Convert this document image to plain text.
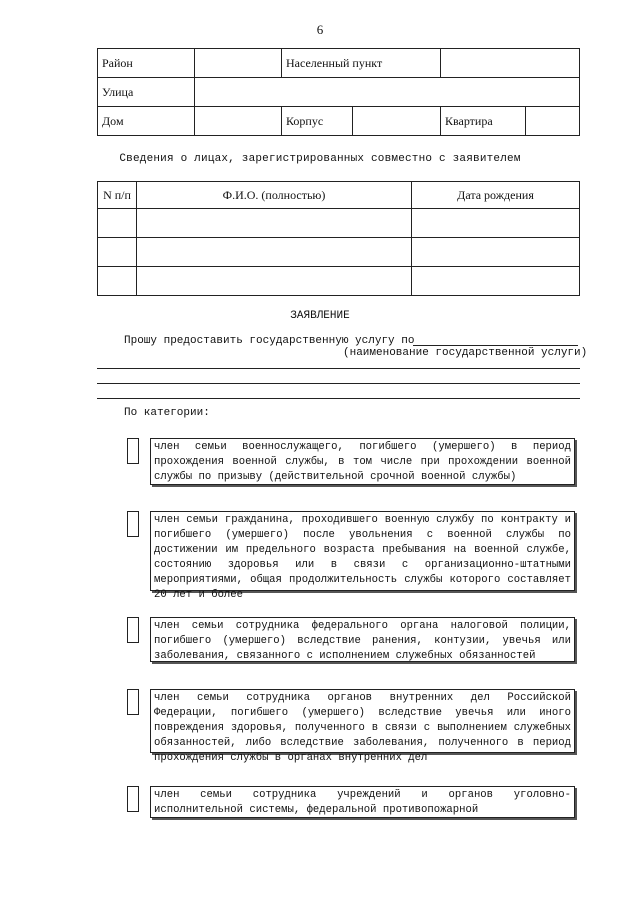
6
Район		Населенный пункт	
Улица			
Дом		Корпус	Квартира
Сведения о лицах, зарегистрированных совместно с заявителем
N п/п	Ф.И.О. (полностью)	Дата рождения

ЗАЯВЛЕНИЕ
Прошу предоставить государственную услугу по
(наименование государственной услуги)
По категории:
член семьи военнослужащего, погибшего (умершего) в период прохождения военной службы, в том числе при прохождении военной службы по призыву (действительной срочной военной службы)
член семьи гражданина, проходившего военную службу по контракту и погибшего (умершего) после увольнения с военной службы по достижении им предельного возраста пребывания на военной службе, состоянию здоровья или в связи с организационно-штатными мероприятиями, общая продолжительность службы которого составляет 20 лет и более
член семьи сотрудника федерального органа налоговой полиции, погибшего (умершего) вследствие ранения, контузии, увечья или заболевания, связанного с исполнением служебных обязанностей
член семьи сотрудника органов внутренних дел Российской Федерации, погибшего (умершего) вследствие увечья или иного повреждения здоровья, полученного в связи с выполнением служебных обязанностей, либо вследствие заболевания, полученного в период прохождения службы в органах внутренних дел
член семьи сотрудника учреждений и органов уголовно-исполнительной системы, федеральной противопожарной
